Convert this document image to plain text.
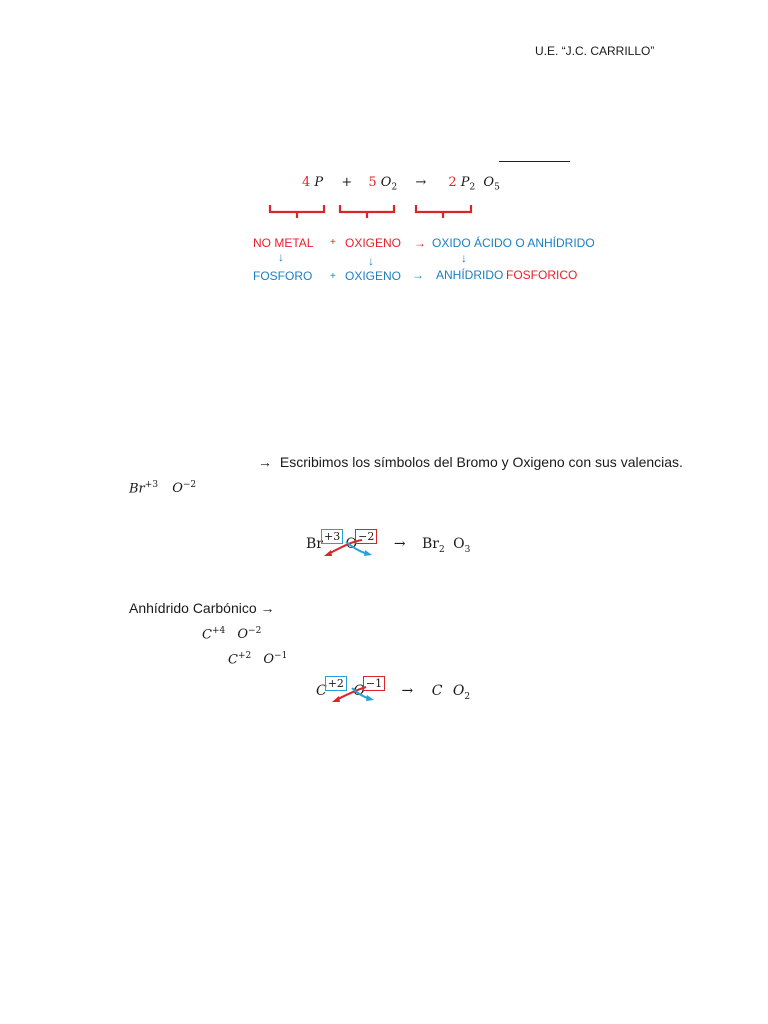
U.E. “J.C. CARRILLO”
4 P + 5 $O_2 \to 2$ $P_2$ $O_5$
NO METAL + OXIGENO → OXIDO ÁCIDO O ANHÍDRIDO
↓	↓	↓
FOSFORO + OXIGENO → ANHÍDRIDO FOSFORICO
→ Escribimos los símbolos del Bromo y Oxigeno con sus valencias.
$Br^{+3}$ $O^{-2}$
$Br^{+3}$ $O^{-2} \to Br_2$ $O_3$
Anhídrido Carbónico →
$C^{+4}$ $O^{-2}$
$C^{+2}$ $O^{-1}$
$C^{+2}$ $O^{-1} \to C$ $O_2$
